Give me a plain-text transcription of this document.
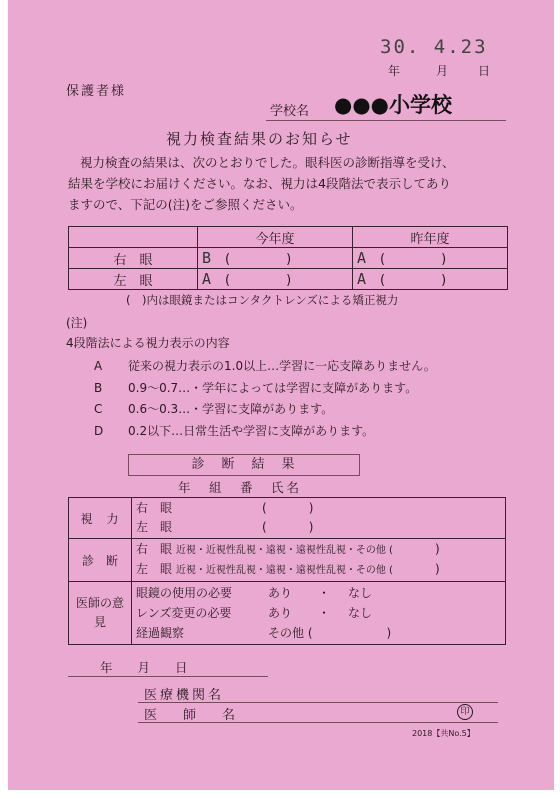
30. 4.23
年	月 日
保護者様
学校名 ●●●小学校
視力検査結果のお知らせ
視力検査の結果は、次のとおりでした。眼科医の診断指導を受け、
結果を学校にお届けください。なお、視力は4段階法で表示してあり
ますので、下記の(注)をご参照ください。
	今年度	昨年度
右　眼	B ( )	A ( )
左　眼	A ( )	A ( )
(　)内は眼鏡またはコンタクトレンズによる矯正視力
(注)
4段階法による視力表示の内容
A 従来の視力表示の1.0以上…学習に一応支障ありません。
B 0.9〜0.7…・学年によっては学習に支障があります。
C 0.6〜0.3…・学習に支障があります。
D 0.2以下…日常生活や学習に支障があります。
診　断　結　果
年　組　番　氏名
視　力	右　眼 ( )
左　眼 ( )

診　断	右　眼 近視・近視性乱視・遠視・遠視性乱視・その他 ( )
左　眼 近視・近視性乱視・遠視・遠視性乱視・その他 ( )

医師の意　見	眼鏡の使用の必要 あり ・ なし
レンズ変更の必要 あり ・ なし
経過観察 その他 ( )
年　　月　　日
医療機関名
医　　師　　名	印
2018【共No.5】
